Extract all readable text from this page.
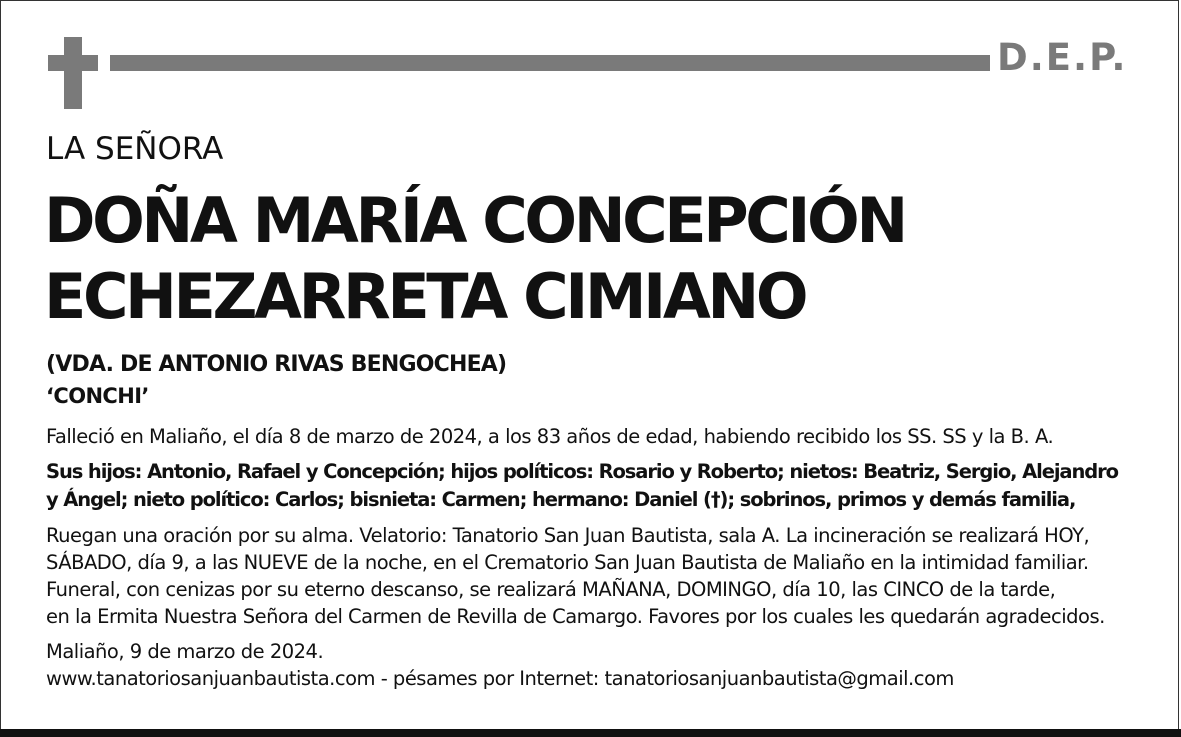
D.E.P.
LA SEÑORA
DOÑA MARÍA CONCEPCIÓN
ECHEZARRETA CIMIANO
(VDA. DE ANTONIO RIVAS BENGOCHEA)
‘CONCHI’
Falleció en Maliaño, el día 8 de marzo de 2024, a los 83 años de edad, habiendo recibido los SS. SS y la B. A.
Sus hijos: Antonio, Rafael y Concepción; hijos políticos: Rosario y Roberto; nietos: Beatriz, Sergio, Alejandro
y Ángel; nieto político: Carlos; bisnieta: Carmen; hermano: Daniel (†); sobrinos, primos y demás familia,
Ruegan una oración por su alma. Velatorio: Tanatorio San Juan Bautista, sala A. La incineración se realizará HOY,
SÁBADO, día 9, a las NUEVE de la noche, en el Crematorio San Juan Bautista de Maliaño en la intimidad familiar.
Funeral, con cenizas por su eterno descanso, se realizará MAÑANA, DOMINGO, día 10, las CINCO de la tarde,
en la Ermita Nuestra Señora del Carmen de Revilla de Camargo. Favores por los cuales les quedarán agradecidos.
Maliaño, 9 de marzo de 2024.
www.tanatoriosanjuanbautista.com - pésames por Internet: tanatoriosanjuanbautista@gmail.com
